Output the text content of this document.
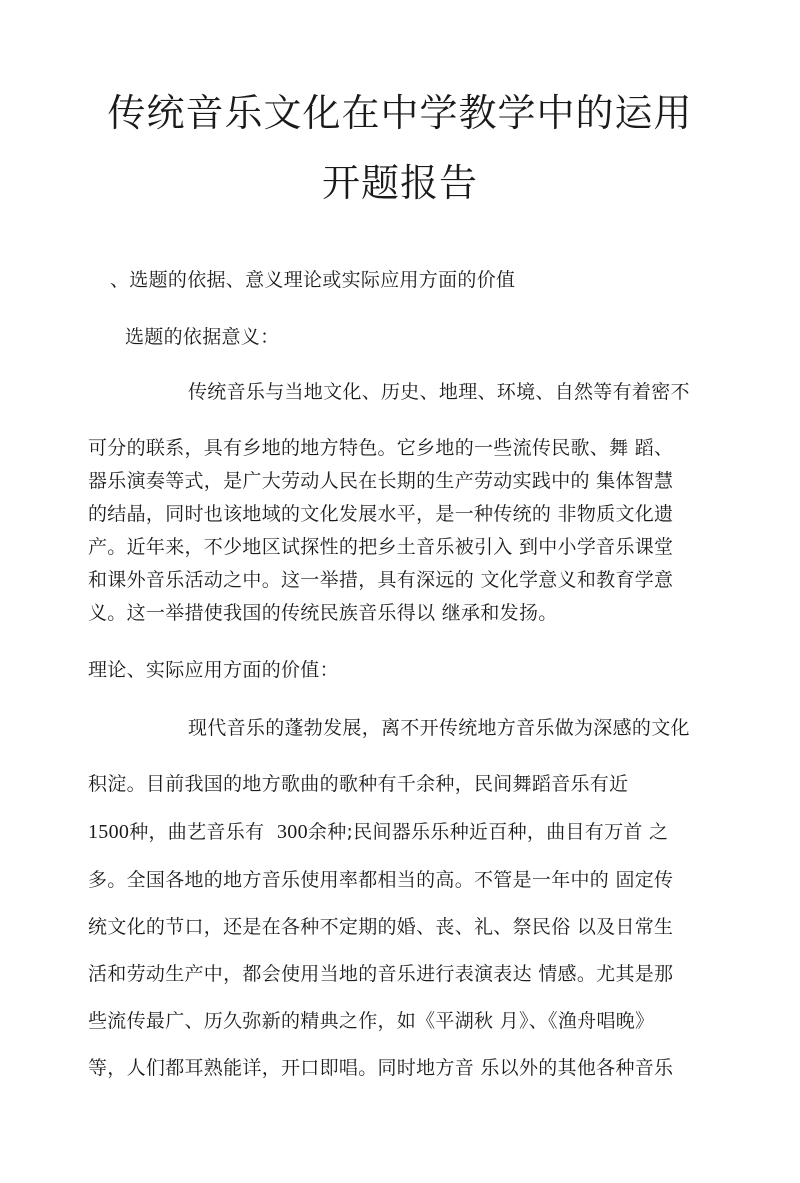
传统音乐文化在中学教学中的运用
开题报告
、选题的依据、意义理论或实际应用方面的价值
选题的依据意义：
传统音乐与当地文化、历史、地理、环境、自然等有着密不
可分的联系，具有乡地的地方特色。它乡地的一些流传民歌、舞 蹈、
器乐演奏等式，是广大劳动人民在长期的生产劳动实践中的 集体智慧
的结晶，同时也该地域的文化发展水平，是一种传统的 非物质文化遗
产。近年来，不少地区试探性的把乡土音乐被引入 到中小学音乐课堂
和课外音乐活动之中。这一举措，具有深远的 文化学意义和教育学意
义。这一举措使我国的传统民族音乐得以 继承和发扬。
理论、实际应用方面的价值：
现代音乐的蓬勃发展，离不开传统地方音乐做为深感的文化
积淀。目前我国的地方歌曲的歌种有千余种，民间舞蹈音乐有近
1500种，曲艺音乐有 300余种;民间器乐乐种近百种，曲目有万首 之
多。全国各地的地方音乐使用率都相当的高。不管是一年中的 固定传
统文化的节口，还是在各种不定期的婚、丧、礼、祭民俗 以及日常生
活和劳动生产中，都会使用当地的音乐进行表演表达 情感。尤其是那
些流传最广、历久弥新的精典之作，如《平湖秋 月》、《渔舟唱晚》
等，人们都耳熟能详，开口即唱。同时地方音 乐以外的其他各种音乐
